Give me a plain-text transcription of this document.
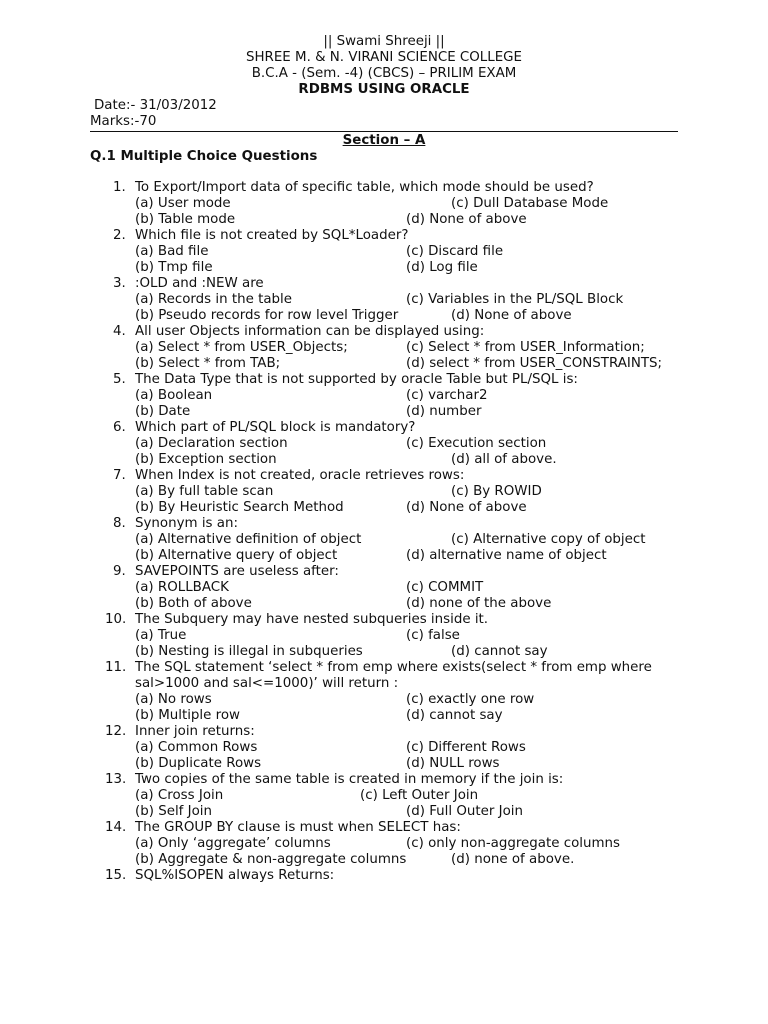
|| Swami Shreeji ||
SHREE M. & N. VIRANI SCIENCE COLLEGE
B.C.A - (Sem. -4) (CBCS) – PRILIM EXAM
RDBMS USING ORACLE
Date:- 31/03/2012
Marks:-70
Section – A
Q.1 Multiple Choice Questions
1. To Export/Import data of specific table, which mode should be used?
(a) User mode	(c) Dull Database Mode
(b) Table mode	(d) None of above
2. Which file is not created by SQL*Loader?
(a) Bad file	(c) Discard file
(b) Tmp file	(d) Log file
3. :OLD and :NEW are
(a) Records in the table	(c) Variables in the PL/SQL Block
(b) Pseudo records for row level Trigger	(d) None of above
4. All user Objects information can be displayed using:
(a) Select * from USER_Objects;	(c) Select * from USER_Information;
(b) Select * from TAB;	(d) select * from USER_CONSTRAINTS;
5. The Data Type that is not supported by oracle Table but PL/SQL is:
(a) Boolean	(c) varchar2
(b) Date	(d) number
6. Which part of PL/SQL block is mandatory?
(a) Declaration section	(c) Execution section
(b) Exception section	(d) all of above.
7. When Index is not created, oracle retrieves rows:
(a) By full table scan	(c) By ROWID
(b) By Heuristic Search Method	(d) None of above
8. Synonym is an:
(a) Alternative definition of object	(c) Alternative copy of object
(b) Alternative query of object	(d) alternative name of object
9. SAVEPOINTS are useless after:
(a) ROLLBACK	(c) COMMIT
(b) Both of above	(d) none of the above
10. The Subquery may have nested subqueries inside it.
(a) True	(c) false
(b) Nesting is illegal in subqueries	(d) cannot say
11. The SQL statement ‘select * from emp where exists(select * from emp where
sal>1000 and sal<=1000)’ will return :
(a) No rows	(c) exactly one row
(b) Multiple row	(d) cannot say
12. Inner join returns:
(a) Common Rows	(c) Different Rows
(b) Duplicate Rows	(d) NULL rows
13. Two copies of the same table is created in memory if the join is:
(a) Cross Join	(c) Left Outer Join
(b) Self Join	(d) Full Outer Join
14. The GROUP BY clause is must when SELECT has:
(a) Only ‘aggregate’ columns	(c) only non-aggregate columns
(b) Aggregate & non-aggregate columns	(d) none of above.
15. SQL%ISOPEN always Returns:
